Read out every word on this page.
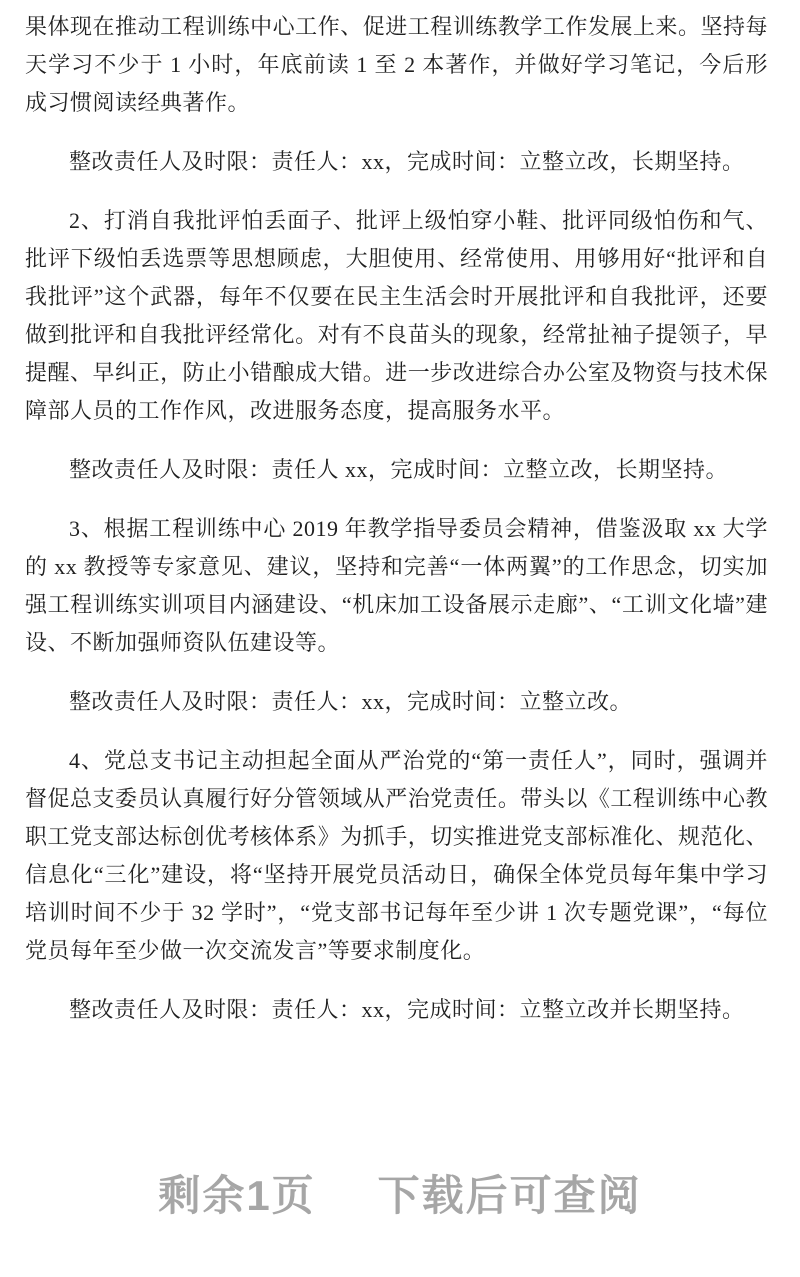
果体现在推动工程训练中心工作、促进工程训练教学工作发展上来。坚持每天学习不少于 1 小时，年底前读 1 至 2 本著作，并做好学习笔记，今后形成习惯阅读经典著作。

整改责任人及时限：责任人：xx，完成时间：立整立改，长期坚持。

2、打消自我批评怕丢面子、批评上级怕穿小鞋、批评同级怕伤和气、批评下级怕丢选票等思想顾虑，大胆使用、经常使用、用够用好“批评和自我批评”这个武器，每年不仅要在民主生活会时开展批评和自我批评，还要做到批评和自我批评经常化。对有不良苗头的现象，经常扯袖子提领子，早提醒、早纠正，防止小错酿成大错。进一步改进综合办公室及物资与技术保障部人员的工作作风，改进服务态度，提高服务水平。

整改责任人及时限：责任人 xx，完成时间：立整立改，长期坚持。

3、根据工程训练中心 2019 年教学指导委员会精神，借鉴汲取 xx 大学的 xx 教授等专家意见、建议，坚持和完善“一体两翼”的工作思念，切实加强工程训练实训项目内涵建设、“机床加工设备展示走廊”、“工训文化墙”建设、不断加强师资队伍建设等。

整改责任人及时限：责任人：xx，完成时间：立整立改。

4、党总支书记主动担起全面从严治党的“第一责任人”，同时，强调并督促总支委员认真履行好分管领域从严治党责任。带头以《工程训练中心教职工党支部达标创优考核体系》为抓手，切实推进党支部标准化、规范化、信息化“三化”建设，将“坚持开展党员活动日，确保全体党员每年集中学习培训时间不少于 32 学时”，“党支部书记每年至少讲 1 次专题党课”，“每位党员每年至少做一次交流发言”等要求制度化。

整改责任人及时限：责任人：xx，完成时间：立整立改并长期坚持。

剩余1页 下载后可查阅
